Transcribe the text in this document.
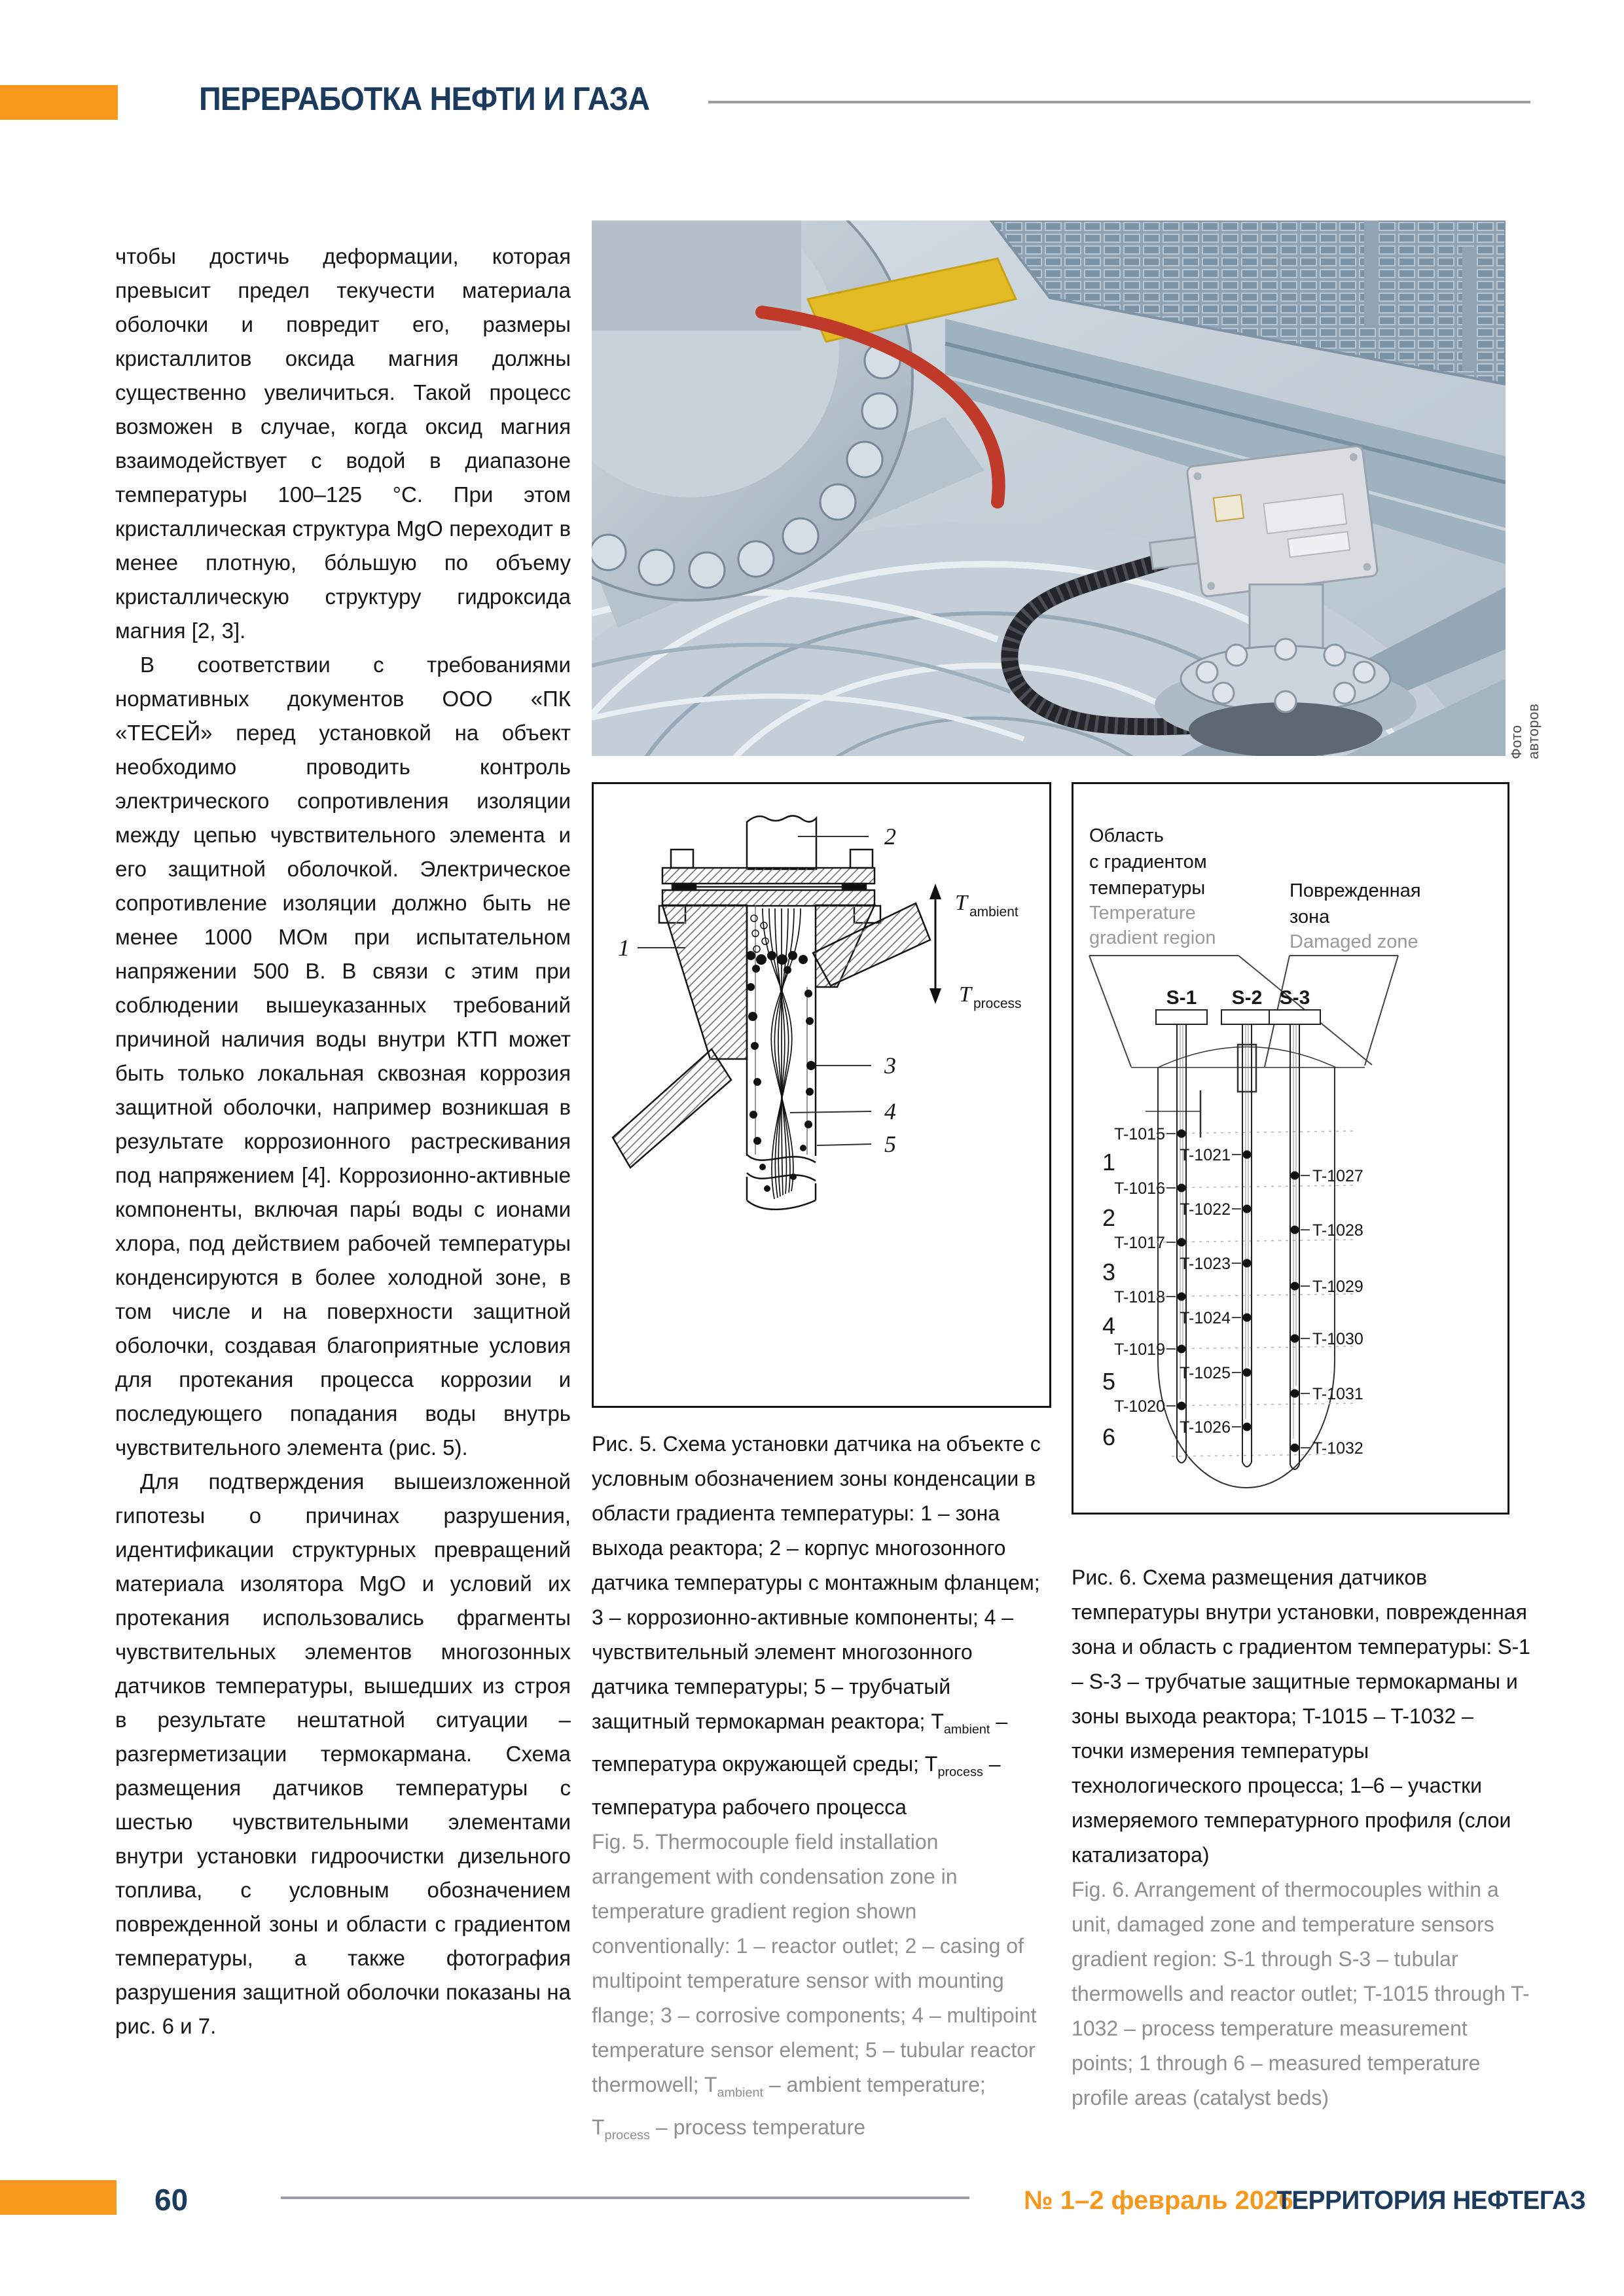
ПЕРЕРАБОТКА НЕФТИ И ГАЗА

чтобы достичь деформации, которая превысит предел текучести материала оболочки и повредит его, размеры кристаллитов оксида магния должны существенно увеличиться. Такой процесс возможен в случае, когда оксид магния взаимодействует с водой в диапазоне температуры 100–125 °С. При этом кристаллическая структура MgO переходит в менее плотную, бо́льшую по объему кристаллическую структуру гидроксида магния [2, 3].

В соответствии с требованиями нормативных документов ООО «ПК «ТЕСЕЙ» перед установкой на объект необходимо проводить контроль электрического сопротивления изоляции между цепью чувствительного элемента и его защитной оболочкой. Электрическое сопротивление изоляции должно быть не менее 1000 МОм при испытательном напряжении 500 В. В связи с этим при соблюдении вышеуказанных требований причиной наличия воды внутри КТП может быть только локальная сквозная коррозия защитной оболочки, например возникшая в результате коррозионного растрескивания под напряжением [4]. Коррозионно-активные компоненты, включая пары́ воды с ионами хлора, под действием рабочей температуры конденсируются в более холодной зоне, в том числе и на поверхности защитной оболочки, создавая благоприятные условия для протекания процесса коррозии и последующего попадания воды внутрь чувствительного элемента (рис. 5).

Для подтверждения вышеизложенной гипотезы о причинах разрушения, идентификации структурных превращений материала изолятора MgO и условий их протекания использовались фрагменты чувствительных элементов многозонных датчиков температуры, вышедших из строя в результате нештатной ситуации – разгерметизации термокармана. Схема размещения датчиков температуры с шестью чувствительными элементами внутри установки гидроочистки дизельного топлива, с условным обозначением поврежденной зоны и области с градиентом температуры, а также фотография разрушения защитной оболочки показаны на рис. 6 и 7.

Фото авторов
1
2
3
4
5
T ambient
T process

Рис. 5. Схема установки датчика на объекте с условным обозначением зоны конденсации в области градиента температуры: 1 – зона выхода реактора; 2 – корпус многозонного датчика температуры с монтажным фланцем; 3 – коррозионно-активные компоненты; 4 – чувствительный элемент многозонного датчика температуры; 5 – трубчатый защитный термокарман реактора; $T_{ambient}$ – температура окружающей среды; $T_{process}$ – температура рабочего процесса

Fig. 5. Thermocouple field installation arrangement with condensation zone in temperature gradient region shown conventionally: 1 – reactor outlet; 2 – casing of multipoint temperature sensor with mounting flange; 3 – corrosive components; 4 – multipoint temperature sensor element; 5 – tubular reactor thermowell; $T_{ambient}$ – ambient temperature; $T_{process}$ – process temperature

Область
с градиентом
температуры
Temperature
gradient region
Поврежденная
зона
Damaged zone
S-1 S-2 S-3
T-1015
T-1016
T-1017
T-1018
T-1019
T-1020
T-1021
T-1022
T-1023
T-1024
T-1025
T-1026
T-1027
T-1028
T-1029
T-1030
T-1031
T-1032
1
2
3
4
5
6

Рис. 6. Схема размещения датчиков температуры внутри установки, поврежденная зона и область с градиентом температуры: S-1 – S-3 – трубчатые защитные термокарманы и зоны выхода реактора; T-1015 – T-1032 – точки измерения температуры технологического процесса; 1–6 – участки измеряемого температурного профиля (слои катализатора)

Fig. 6. Arrangement of thermocouples within a unit, damaged zone and temperature sensors gradient region: S-1 through S-3 – tubular thermowells and reactor outlet; T-1015 through T-1032 – process temperature measurement points; 1 through 6 – measured temperature profile areas (catalyst beds)

60	№ 1–2 февраль 2026
ТЕРРИТОРИЯ НЕФТЕГАЗ
